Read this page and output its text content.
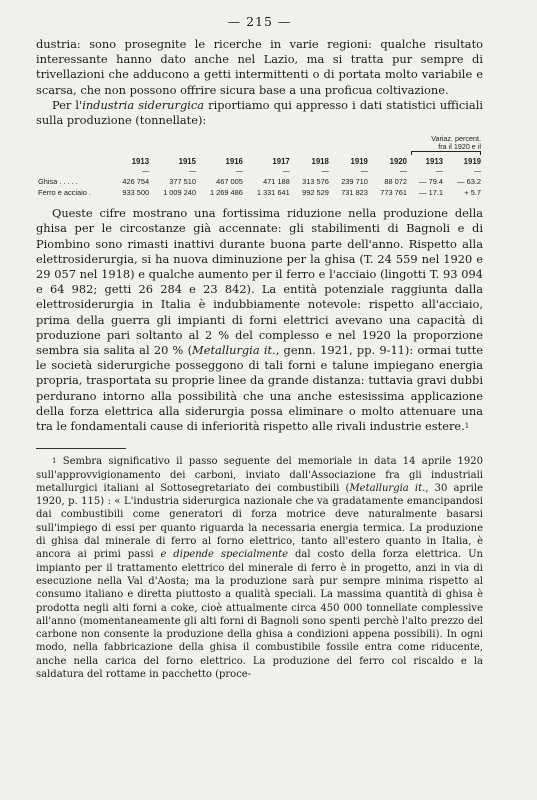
— 215 —

dustria: sono prosegnite le ricerche in varie regioni: qualche risultato interessante hanno dato anche nel Lazio, ma si tratta pur sempre di trivellazioni che adducono a getti intermittenti o di portata molto variabile e scarsa, che non possono offrire sicura base a una proficua coltivazione.

Per l'industria siderurgica riportiamo qui appresso i dati statistici ufficiali sulla produzione (tonnellate):

								Variaz. percent.
fra il 1920 e il	

	1913	1915	1916	1917	1918	1919	1920	1913	1919
	—	—	—	—	—	—	—	—	—
Ghisa . . . . .	426 754	377 510	467 005	471 188	313 576	239 710	88 072	— 79.4	— 63.2
Ferro e acciaio .	933 500	1 009 240	1 269 486	1 331 641	992 529	731 823	773 761	— 17.1	+ 5.7

Queste cifre mostrano una fortissima riduzione nella produzione della ghisa per le circostanze già accennate: gli stabilimenti di Bagnoli e di Piombino sono rimasti inattivi durante buona parte dell'anno. Rispetto alla elettrosiderurgia, si ha nuova diminuzione per la ghisa (T. 24 559 nel 1920 e 29 057 nel 1918) e qualche aumento per il ferro e l'acciaio (lingotti T. 93 094 e 64 982; getti 26 284 e 23 842). La entità potenziale raggiunta dalla elettrosiderurgia in Italia è indubbiamente notevole: rispetto all'acciaio, prima della guerra gli impianti di forni elettrici avevano una capacità di produzione pari soltanto al 2 % del complesso e nel 1920 la proporzione sembra sia salita al 20 % (Metallurgia it., genn. 1921, pp. 9-11): ormai tutte le società siderurgiche posseggono di tali forni e talune impiegano energia propria, trasportata su proprie linee da grande distanza: tuttavia gravi dubbi perdurano intorno alla possibilità che una anche estesissima applicazione della forza elettrica alla siderurgia possa eliminare o molto attenuare una tra le fondamentali cause di inferiorità rispetto alle rivali industrie estere.$^1$

$^1$ Sembra significativo il passo seguente del memoriale in data 14 aprile 1920 sull'approvvigionamento dei carboni, inviato dall'Associazione fra gli industriali metallurgici italiani al Sottosegretariato dei combustibili (Metallurgia it., 30 aprile 1920, p. 115) : « L'industria siderurgica nazionale che va gradatamente emancipandosi dai combustibili come generatori di forza motrice deve naturalmente basarsi sull'impiego di essi per quanto riguarda la necessaria energia termica. La produzione di ghisa dal minerale di ferro al forno elettrico, tanto all'estero quanto in Italia, è ancora ai primi passi e dipende specialmente dal costo della forza elettrica. Un impianto per il trattamento elettrico del minerale di ferro è in progetto, anzi in via di esecuzione nella Val d'Aosta; ma la produzione sarà pur sempre minima rispetto al consumo italiano e diretta piuttosto a qualità speciali. La massima quantità di ghisa è prodotta negli alti forni a coke, cioè attualmente circa 450 000 tonnellate complessive all'anno (momentaneamente gli alti forni di Bagnoli sono spenti perchè l'alto prezzo del carbone non consente la produzione della ghisa a condizioni appena possibili). In ogni modo, nella fabbricazione della ghisa il combustibile fossile entra come riducente, anche nella carica del forno elettrico. La produzione del ferro col riscaldo e la saldatura del rottame in pacchetto (proce-
